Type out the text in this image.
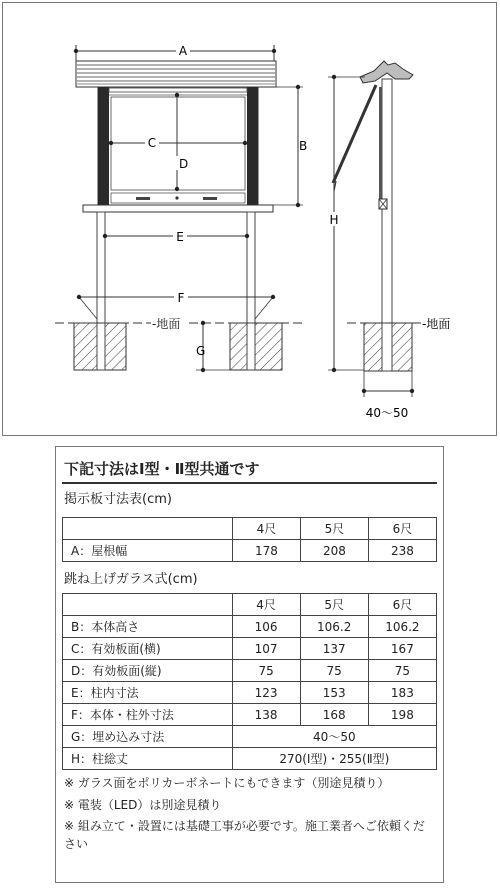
-地面
A
B
C
D
E
F
G
-地面
H
40～50
下記寸法はⅠ型・Ⅱ型共通です
掲示板寸法表(cm)
	4尺	5尺	6尺
A：屋根幅	178	208	238
跳ね上げガラス式(cm)
	4尺	5尺	6尺
B：本体高さ	106	106.2	106.2
C：有効板面(横)	107	137	167
D：有効板面(縦)	75	75	75
E：柱内寸法	123	153	183
F：本体・柱外寸法	138	168	198
G：埋め込み寸法	40～50		
H：柱総丈	270(Ⅰ型)・255(Ⅱ型)		
※ ガラス面をポリカーボネートにもできます（別途見積り）
※ 電装（LED）は別途見積り
※ 組み立て・設置には基礎工事が必要です。施工業者へご依頼ください
